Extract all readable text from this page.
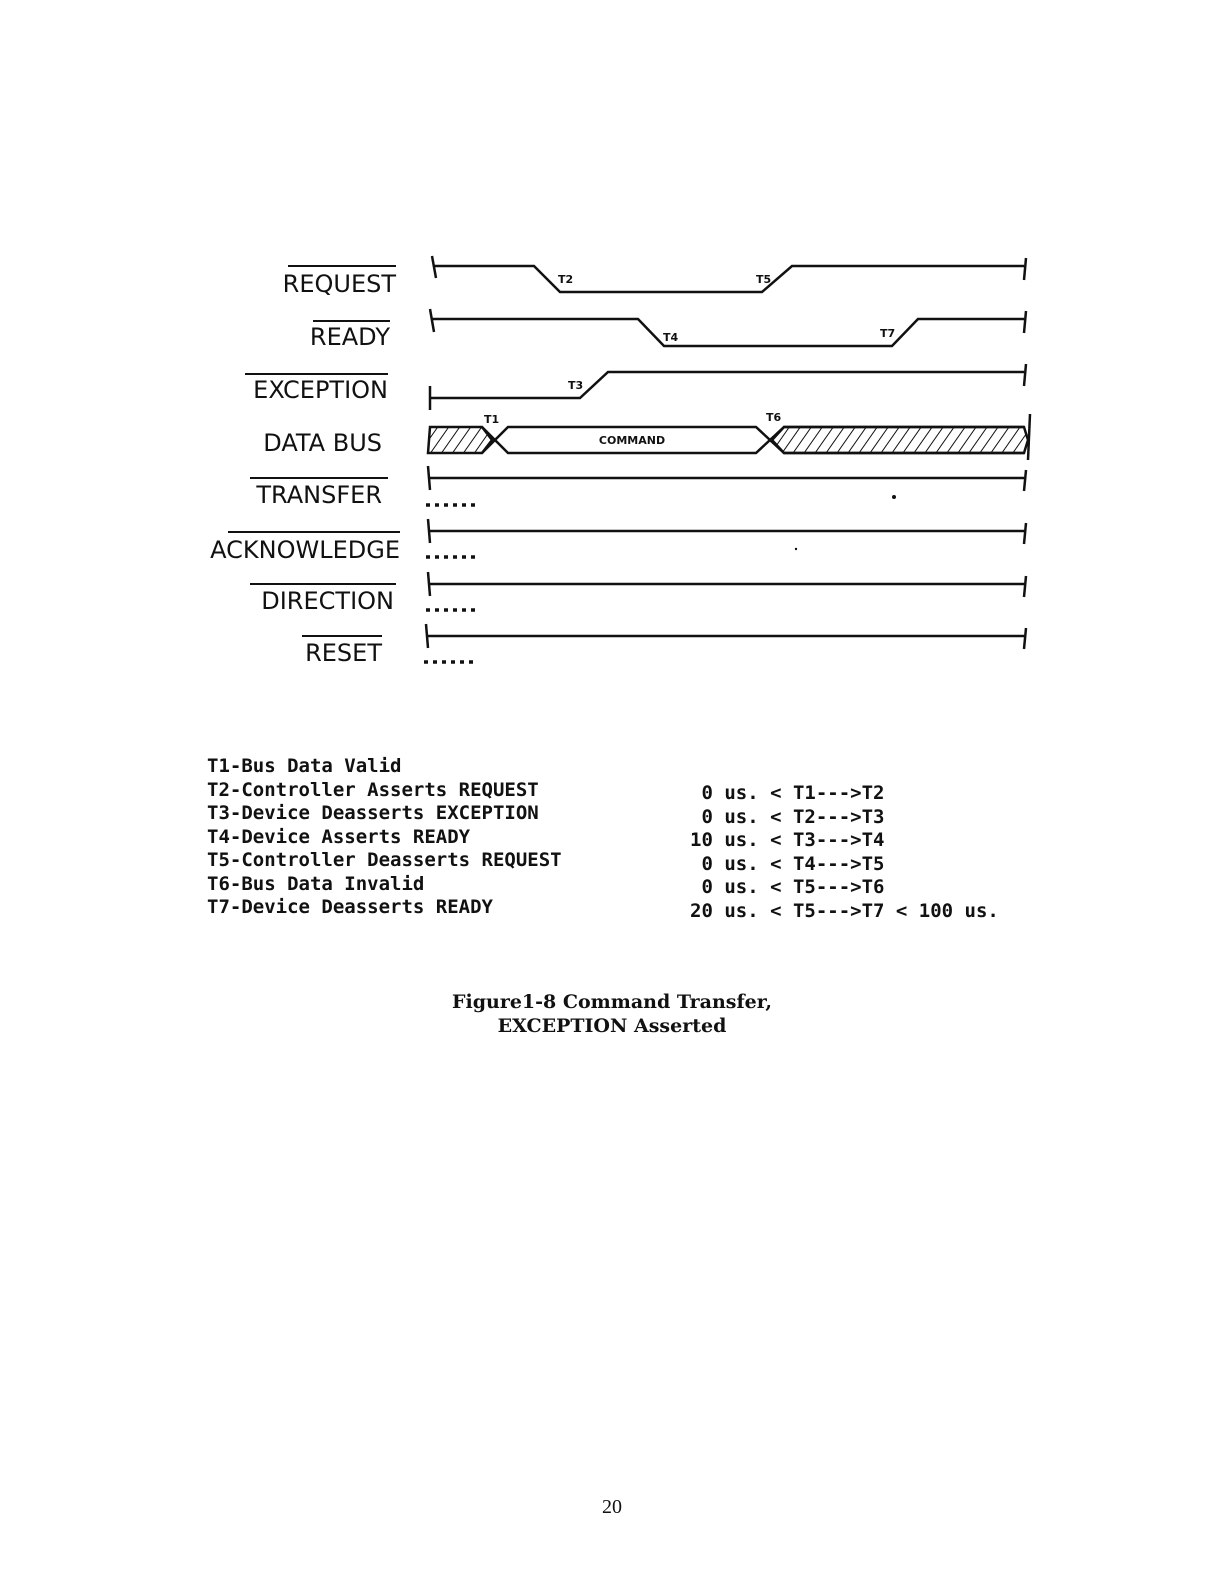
REQUEST
READY
EXCEPTION
DATA BUS
TRANSFER
ACKNOWLEDGE
DIRECTION
RESET
COMMAND
T1
T2
T3
T4
T5
T6
T7
T1-Bus Data Valid
T2-Controller Asserts REQUEST
T3-Device Deasserts EXCEPTION
T4-Device Asserts READY
T5-Controller Deasserts REQUEST
T6-Bus Data Invalid
T7-Device Deasserts READY
0 us. < T1--->T2
0 us. < T2--->T3
10 us. < T3--->T4
0 us. < T4--->T5
0 us. < T5--->T6
20 us. < T5--->T7 < 100 us.
Figure1-8 Command Transfer,
EXCEPTION Asserted
20
